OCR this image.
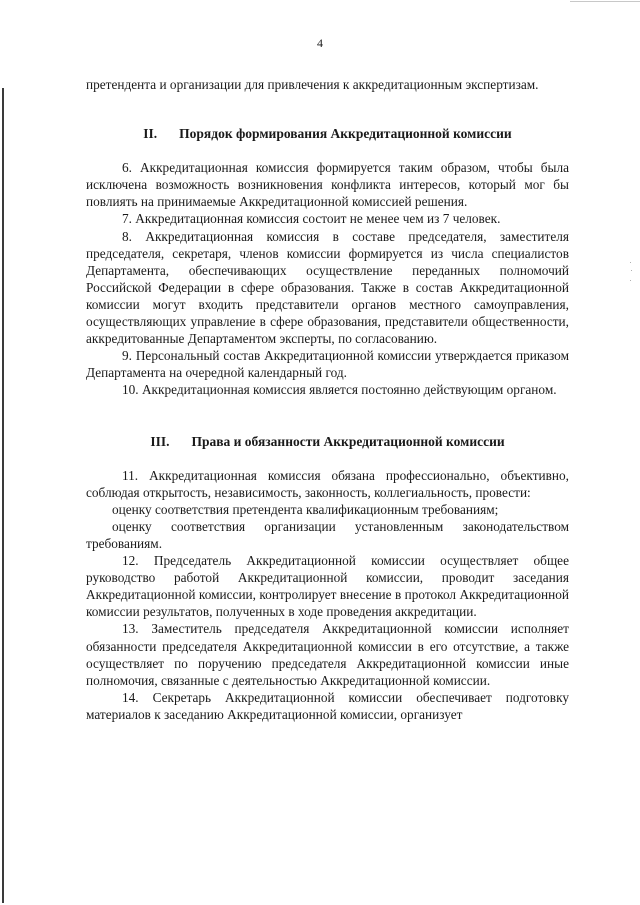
4

претендента и организации для привлечения к аккредитационным экспертизам.

II. Порядок формирования Аккредитационной комиссии

6. Аккредитационная комиссия формируется таким образом, чтобы была исключена возможность возникновения конфликта интересов, который мог бы повлиять на принимаемые Аккредитационной комиссией решения.

7. Аккредитационная комиссия состоит не менее чем из 7 человек.

8. Аккредитационная комиссия в составе председателя, заместителя председателя, секретаря, членов комиссии формируется из числа специалистов Департамента, обеспечивающих осуществление переданных полномочий Российской Федерации в сфере образования. Также в состав Аккредитационной комиссии могут входить представители органов местного самоуправления, осуществляющих управление в сфере образования, представители общественности, аккредитованные Департаментом эксперты, по согласованию.

9. Персональный состав Аккредитационной комиссии утверждается приказом Департамента на очередной календарный год.

10. Аккредитационная комиссия является постоянно действующим органом.

III. Права и обязанности Аккредитационной комиссии

11. Аккредитационная комиссия обязана профессионально, объективно, соблюдая открытость, независимость, законность, коллегиальность, провести:

оценку соответствия претендента квалификационным требованиям;

оценку соответствия организации установленным законодательством требованиям.

12. Председатель Аккредитационной комиссии осуществляет общее руководство работой Аккредитационной комиссии, проводит заседания Аккредитационной комиссии, контролирует внесение в протокол Аккредитационной комиссии результатов, полученных в ходе проведения аккредитации.

13. Заместитель председателя Аккредитационной комиссии исполняет обязанности председателя Аккредитационной комиссии в его отсутствие, а также осуществляет по поручению председателя Аккредитационной комиссии иные полномочия, связанные с деятельностью Аккредитационной комиссии.

14. Секретарь Аккредитационной комиссии обеспечивает подготовку материалов к заседанию Аккредитационной комиссии, организует
